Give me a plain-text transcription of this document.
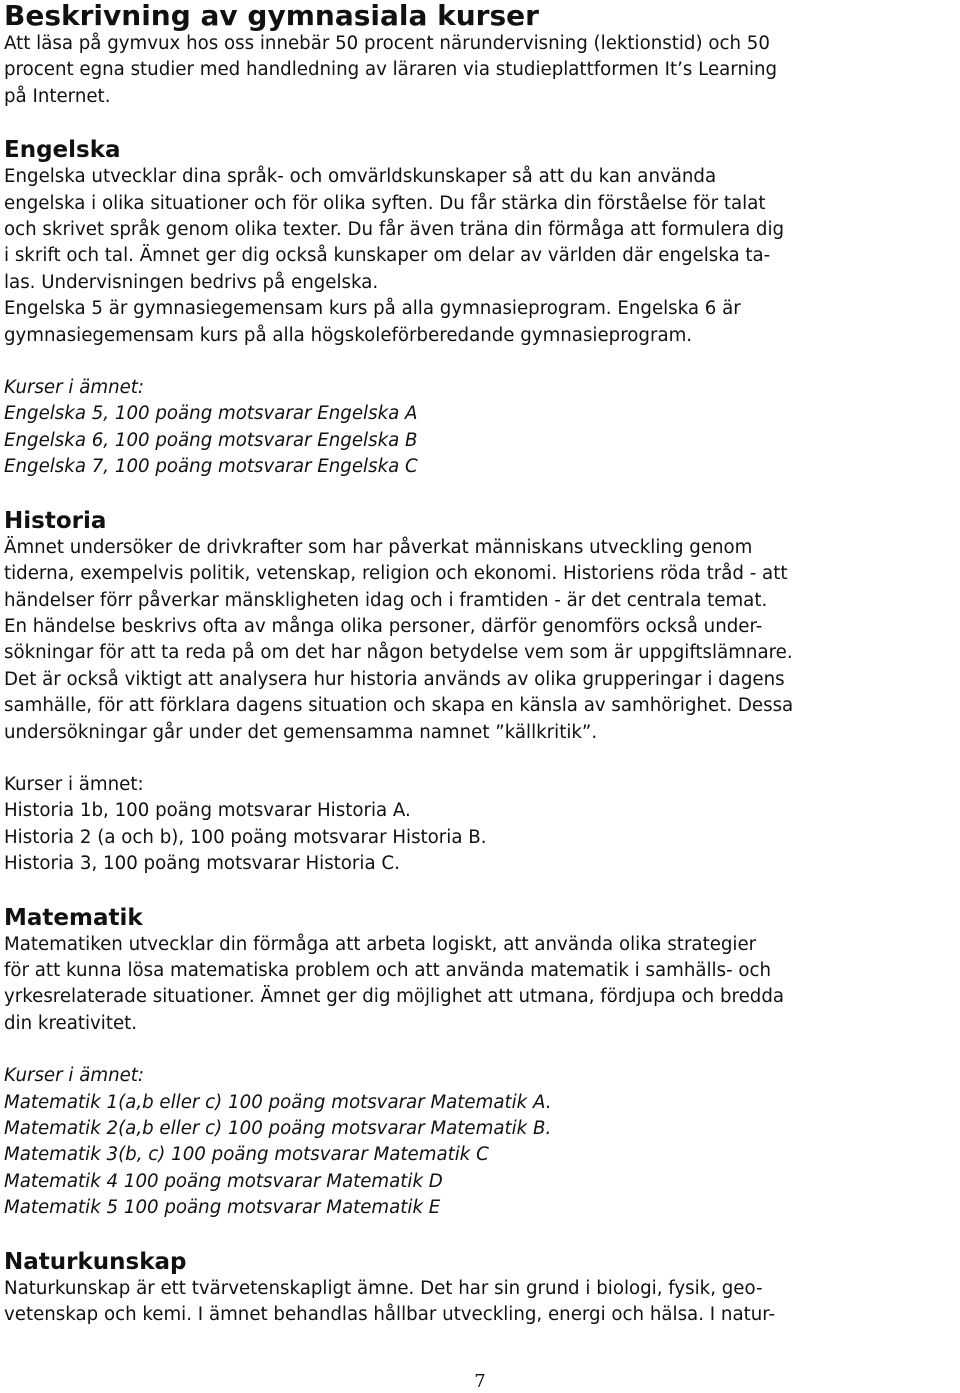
Beskrivning av gymnasiala kurser

Att läsa på gymvux hos oss innebär 50 procent närundervisning (lektionstid) och 50
procent egna studier med handledning av läraren via studieplattformen It’s Learning
på Internet.

Engelska

Engelska utvecklar dina språk- och omvärldskunskaper så att du kan använda
engelska i olika situationer och för olika syften. Du får stärka din förståelse för talat
och skrivet språk genom olika texter. Du får även träna din förmåga att formulera dig
i skrift och tal. Ämnet ger dig också kunskaper om delar av världen där engelska ta-
las. Undervisningen bedrivs på engelska.
Engelska 5 är gymnasiegemensam kurs på alla gymnasieprogram. Engelska 6 är
gymnasiegemensam kurs på alla högskoleförberedande gymnasieprogram.

Kurser i ämnet:

Engelska 5, 100 poäng motsvarar Engelska A
Engelska 6, 100 poäng motsvarar Engelska B
Engelska 7, 100 poäng motsvarar Engelska C
Historia

Ämnet undersöker de drivkrafter som har påverkat människans utveckling genom
tiderna, exempelvis politik, vetenskap, religion och ekonomi. Historiens röda tråd - att
händelser förr påverkar mänskligheten idag och i framtiden - är det centrala temat.
En händelse beskrivs ofta av många olika personer, därför genomförs också under-
sökningar för att ta reda på om det har någon betydelse vem som är uppgiftslämnare.
Det är också viktigt att analysera hur historia används av olika grupperingar i dagens
samhälle, för att förklara dagens situation och skapa en känsla av samhörighet. Dessa
undersökningar går under det gemensamma namnet ”källkritik”.

Kurser i ämnet:

Historia 1b, 100 poäng motsvarar Historia A.
Historia 2 (a och b), 100 poäng motsvarar Historia B.
Historia 3, 100 poäng motsvarar Historia C.
Matematik

Matematiken utvecklar din förmåga att arbeta logiskt, att använda olika strategier
för att kunna lösa matematiska problem och att använda matematik i samhälls- och
yrkesrelaterade situationer. Ämnet ger dig möjlighet att utmana, fördjupa och bredda
din kreativitet.

Kurser i ämnet:

Matematik 1(a,b eller c) 100 poäng motsvarar Matematik A.
Matematik 2(a,b eller c) 100 poäng motsvarar Matematik B.
Matematik 3(b, c) 100 poäng motsvarar Matematik C
Matematik 4 100 poäng motsvarar Matematik D
Matematik 5 100 poäng motsvarar Matematik E
Naturkunskap

Naturkunskap är ett tvärvetenskapligt ämne. Det har sin grund i biologi, fysik, geo-
vetenskap och kemi. I ämnet behandlas hållbar utveckling, energi och hälsa. I natur-

7
